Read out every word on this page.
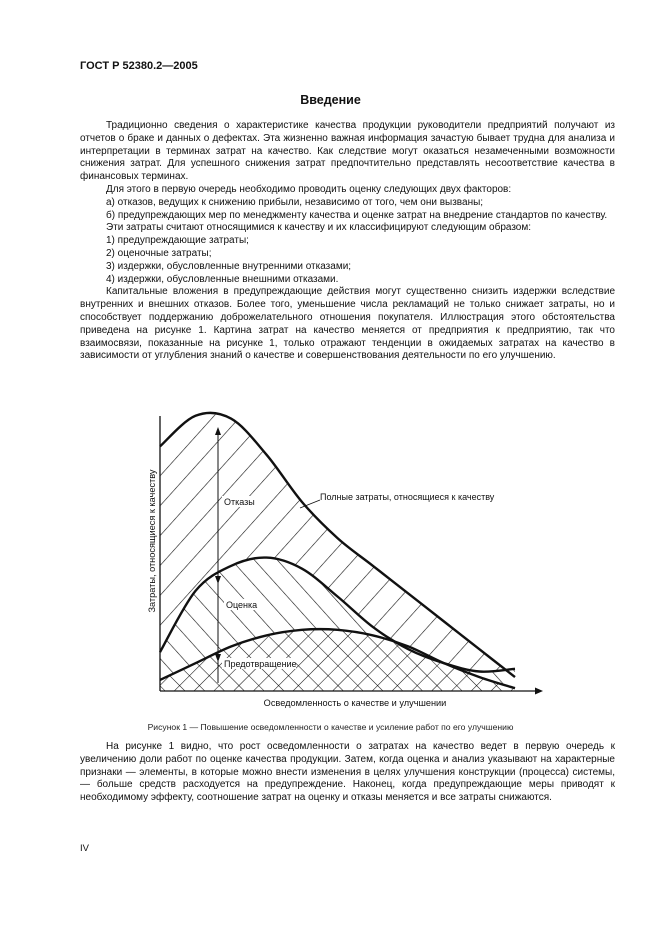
ГОСТ Р 52380.2—2005
Введение

Традиционно сведения о характеристике качества продукции руководители предприятий получают из отчетов о браке и данных о дефектах. Эта жизненно важная информация зачастую бывает трудна для анализа и интерпретации в терминах затрат на качество. Как следствие могут оказаться незамеченными возможности снижения затрат. Для успешного снижения затрат предпочтительно представлять несоответствие качества в финансовых терминах.

Для этого в первую очередь необходимо проводить оценку следующих двух факторов:

а) отказов, ведущих к снижению прибыли, независимо от того, чем они вызваны;

б) предупреждающих мер по менеджменту качества и оценке затрат на внедрение стандартов по качеству.

Эти затраты считают относящимися к качеству и их классифицируют следующим образом:

1) предупреждающие затраты;

2) оценочные затраты;

3) издержки, обусловленные внутренними отказами;

4) издержки, обусловленные внешними отказами.

Капитальные вложения в предупреждающие действия могут существенно снизить издержки вследствие внутренних и внешних отказов. Более того, уменьшение числа рекламаций не только снижает затраты, но и способствует поддержанию доброжелательного отношения покупателя. Иллюстрация этого обстоятельства приведена на рисунке 1. Картина затрат на качество меняется от предприятия к предприятию, так что взаимосвязи, показанные на рисунке 1, только отражают тенденции в ожидаемых затратах на качество в зависимости от углубления знаний о качестве и совершенствования деятельности по его улучшению.

Отказы
Оценка
Предотвращение
Полные затраты, относящиеся к качеству
Осведомленность о качестве и улучшении
Затраты, относящиеся к качеству
Рисунок 1 — Повышение осведомленности о качестве и усиление работ по его улучшению

На рисунке 1 видно, что рост осведомленности о затратах на качество ведет в первую очередь к увеличению доли работ по оценке качества продукции. Затем, когда оценка и анализ указывают на характерные признаки — элементы, в которые можно внести изменения в целях улучшения конструкции (процесса) системы, — больше средств расходуется на предупреждение. Наконец, когда предупреждающие меры приводят к необходимому эффекту, соотношение затрат на оценку и отказы меняется и все затраты снижаются.

IV
